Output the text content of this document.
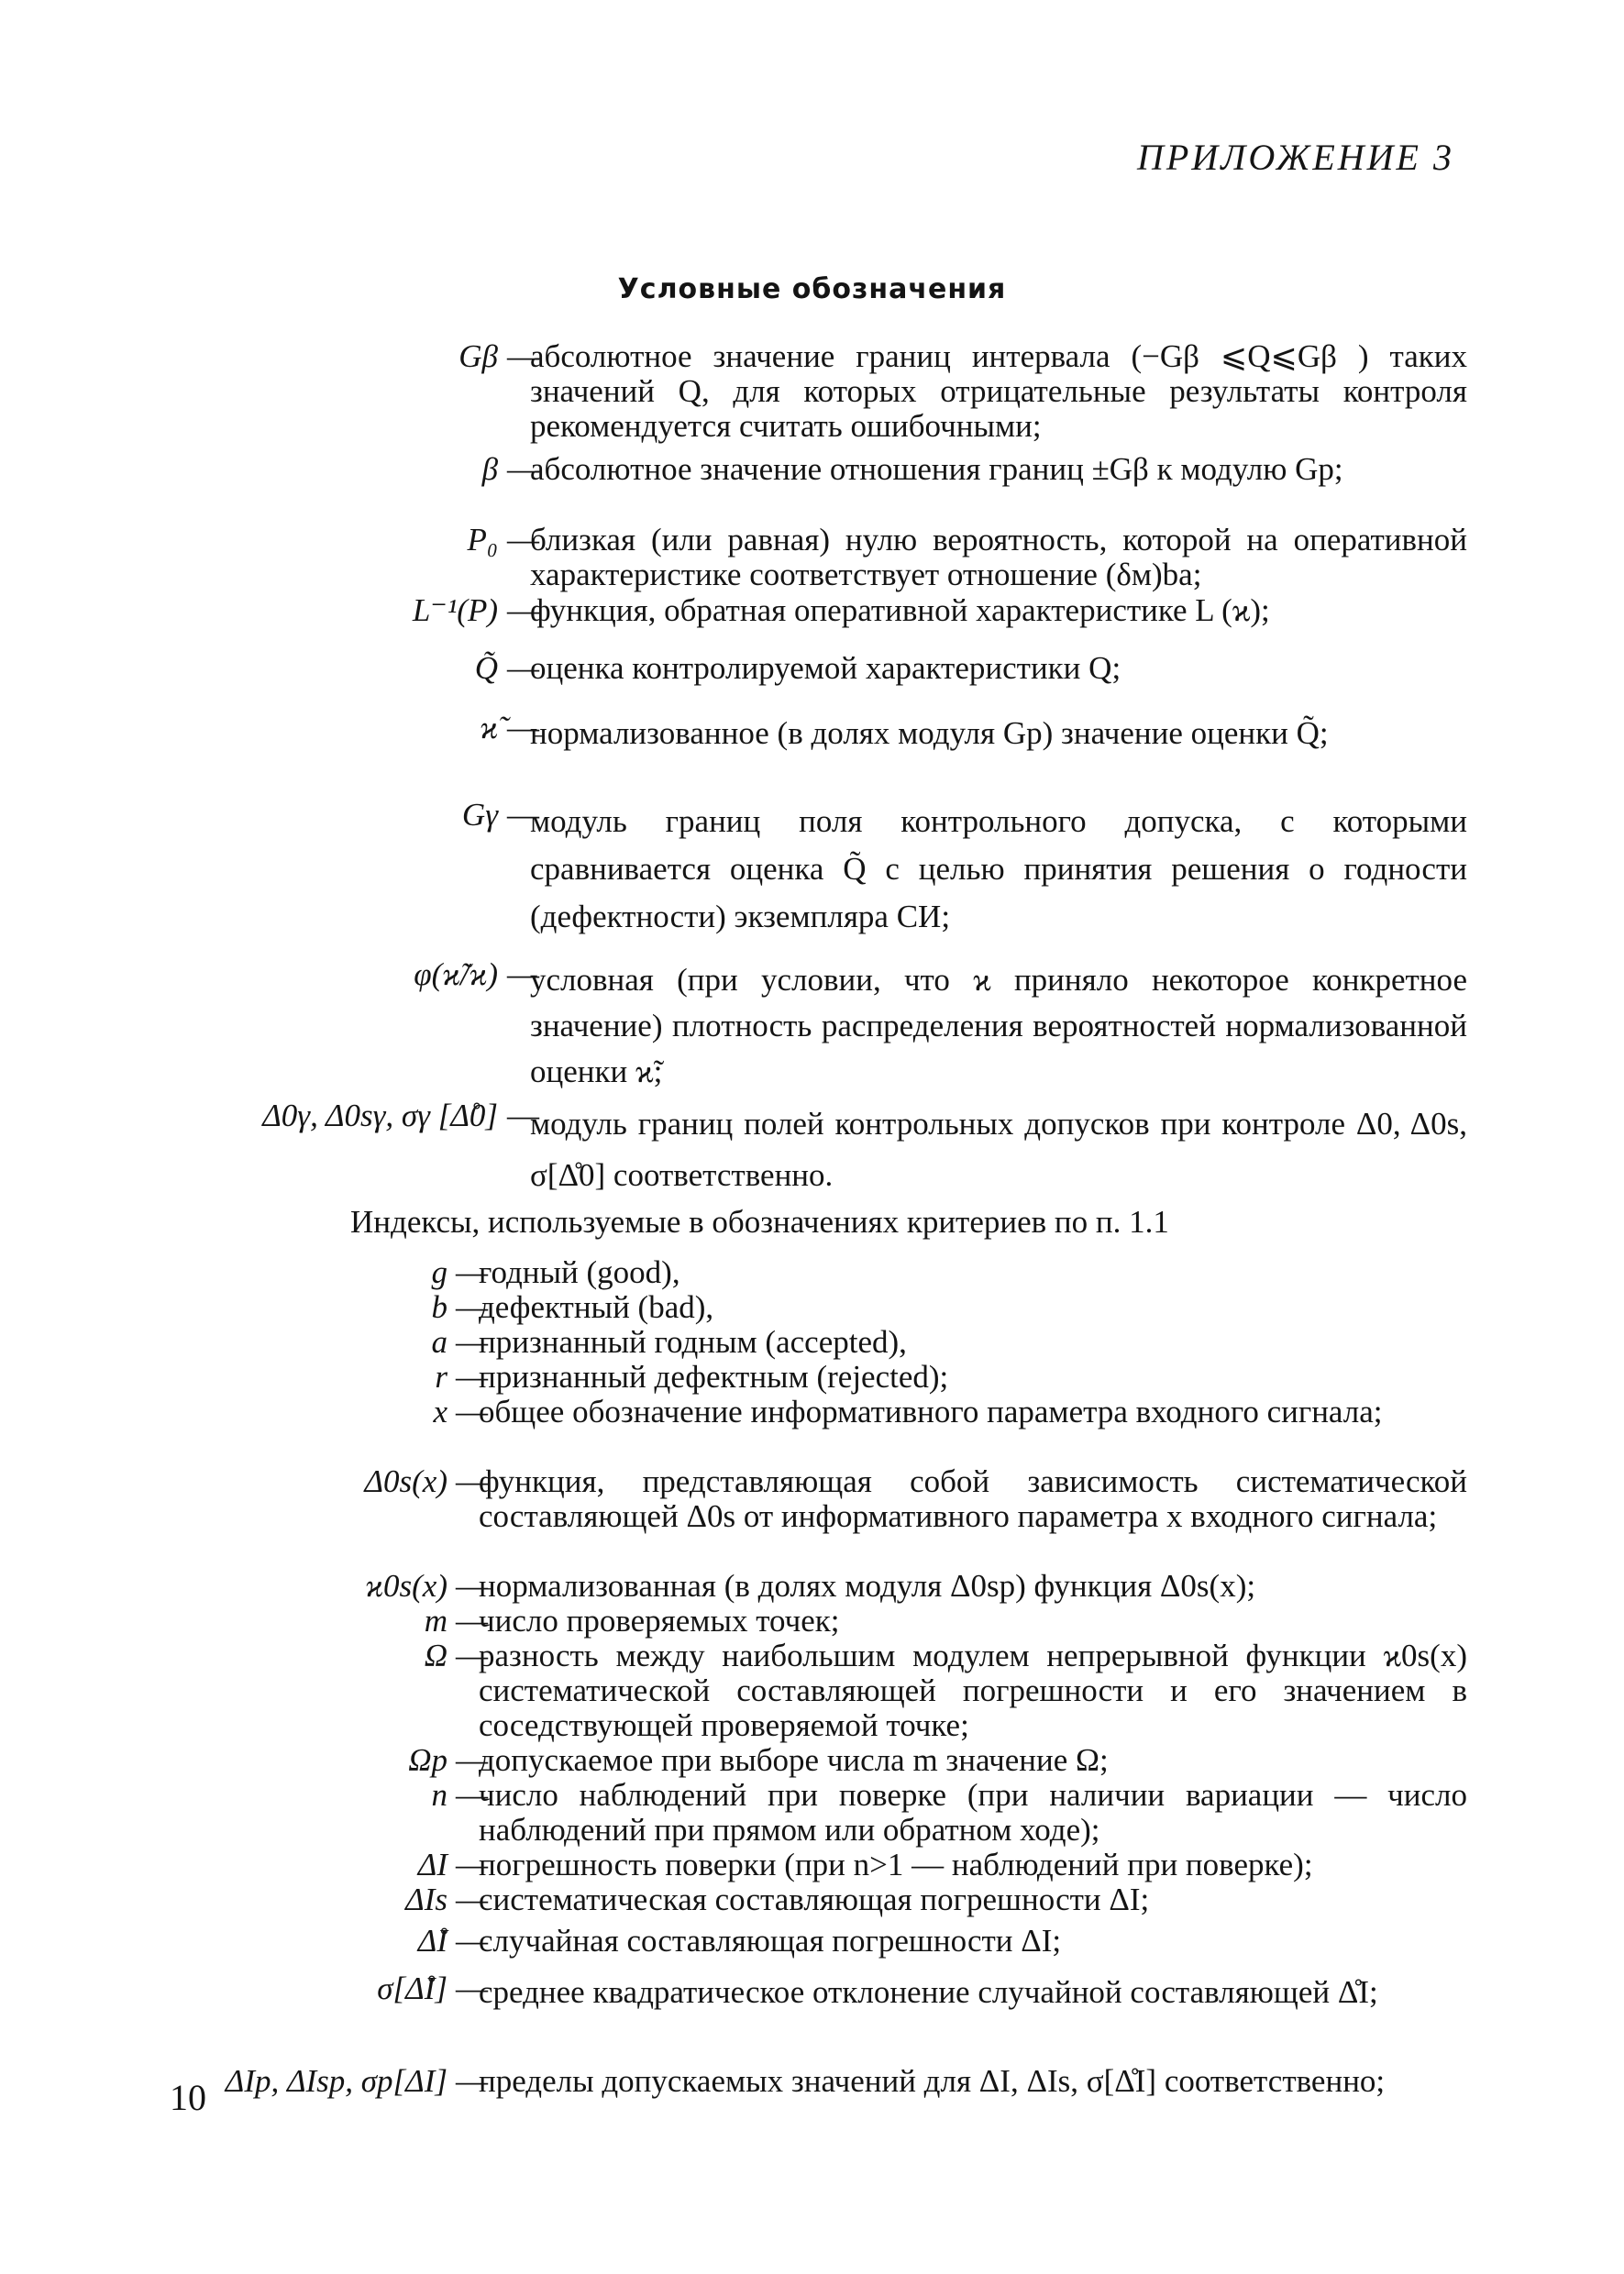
ПРИЛОЖЕНИЕ 3
Условные обозначения
Gβ —
абсолютное значение границ интервала (−Gβ ⩽Q⩽Gβ ) таких значений Q, для которых отрицательные результаты контроля рекомендуется считать ошибочными;
β —
абсолютное значение отношения границ ±Gβ к модулю Gp;
P₀ —
близкая (или равная) нулю вероятность, которой на оперативной характеристике соответствует отношение (δм)ba;
L⁻¹(P) —
функция, обратная оперативной характеристике L (ϰ);
Q̃ —
оценка контролируемой характеристики Q;
ϰ̃ —
нормализованное (в долях модуля Gp) значение оценки Q̃;
Gγ —
модуль границ поля контрольного допуска, с которыми сравнивается оценка Q̃ с целью принятия решения о годности (дефектности) экземпляра СИ;
φ(ϰ̃/ϰ) —
условная (при условии, что ϰ приняло некоторое конкретное значение) плотность распределения вероятностей нормализованной оценки ϰ̃;
Δ0γ, Δ0sγ, σγ [Δ̊0] —
модуль границ полей контрольных допусков при контроле Δ0, Δ0s, σ[Δ̊0] соответственно.
Индексы, используемые в обозначениях критериев по п. 1.1
g —
годный (good),
b —
дефектный (bad),
a —
признанный годным (accepted),
r —
признанный дефектным (rejected);
x —
общее обозначение информативного параметра входного сигнала;
Δ0s(x) —
функция, представляющая собой зависимость систематической составляющей Δ0s от информативного параметра x входного сигнала;
ϰ0s(x) —
нормализованная (в долях модуля Δ0sp) функция Δ0s(x);
m —
число проверяемых точек;
Ω —
разность между наибольшим модулем непрерывной функции ϰ0s(x) систематической составляющей погрешности и его значением в соседствующей проверяемой точке;
Ωp —
допускаемое при выборе числа m значение Ω;
n —
число наблюдений при поверке (при наличии вариации — число наблюдений при прямом или обратном ходе);
ΔI —
погрешность поверки (при n>1 — наблюдений при поверке);
ΔIs —
систематическая составляющая погрешности ΔI;
Δ̊I —
случайная составляющая погрешности ΔI;
σ[Δ̊I] —
среднее квадратическое отклонение случайной составляющей Δ̊I;
ΔIp, ΔIsp, σp[ΔI] —
пределы допускаемых значений для ΔI, ΔIs, σ[Δ̊I] соответственно;
10
